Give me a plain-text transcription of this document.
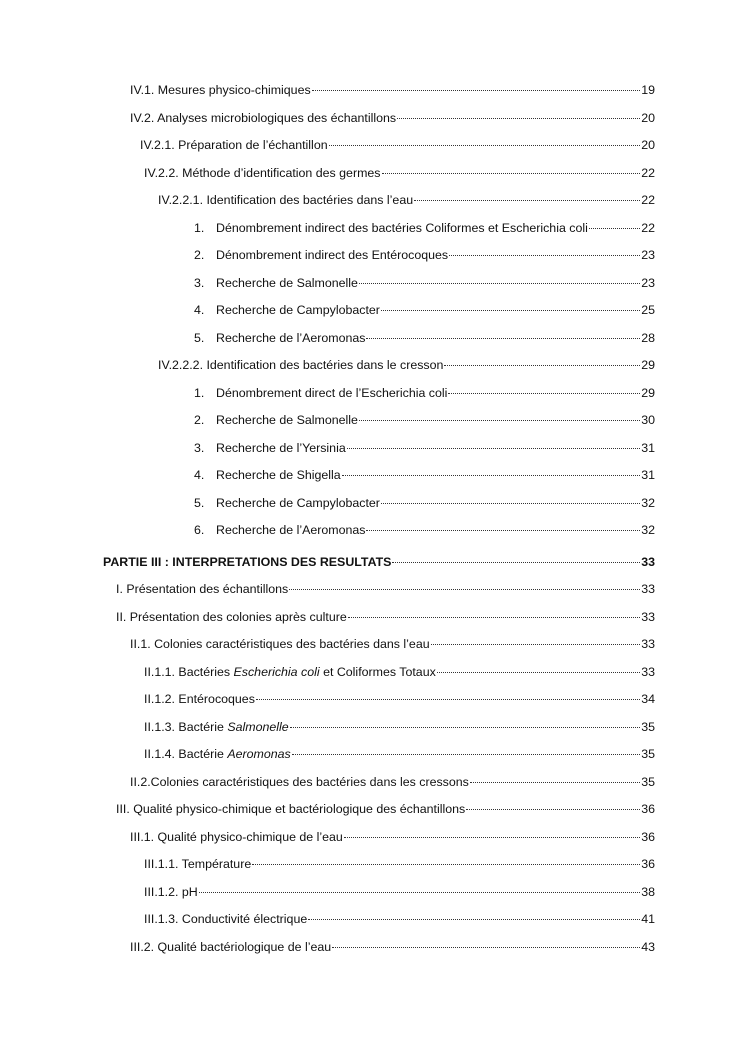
IV.1. Mesures physico-chimiques	19
IV.2. Analyses microbiologiques des échantillons	20
IV.2.1. Préparation de l’échantillon	20
IV.2.2. Méthode d’identification des germes	22
IV.2.2.1. Identification des bactéries dans l’eau	22
1. Dénombrement indirect des bactéries Coliformes et Escherichia coli	22
2. Dénombrement indirect des Entérocoques	23
3. Recherche de Salmonelle	23
4. Recherche de Campylobacter	25
5. Recherche de l’Aeromonas	28
IV.2.2.2. Identification des bactéries dans le cresson	29
1. Dénombrement direct de l’Escherichia coli	29
2. Recherche de Salmonelle	30
3. Recherche de l’Yersinia	31
4. Recherche de Shigella	31
5. Recherche de Campylobacter	32
6. Recherche de l’Aeromonas	32
PARTIE III : INTERPRETATIONS DES RESULTATS	33
I. Présentation des échantillons	33
II. Présentation des colonies après culture	33
II.1. Colonies caractéristiques des bactéries dans l’eau	33
II.1.1. Bactéries Escherichia coli et Coliformes Totaux	33
II.1.2. Entérocoques	34
II.1.3. Bactérie Salmonelle	35
II.1.4. Bactérie Aeromonas	35
II.2.Colonies caractéristiques des bactéries dans les cressons	35
III. Qualité physico-chimique et bactériologique des échantillons	36
III.1. Qualité physico-chimique de l’eau	36
III.1.1. Température	36
III.1.2. pH	38
III.1.3. Conductivité électrique	41
III.2. Qualité bactériologique de l’eau	43
